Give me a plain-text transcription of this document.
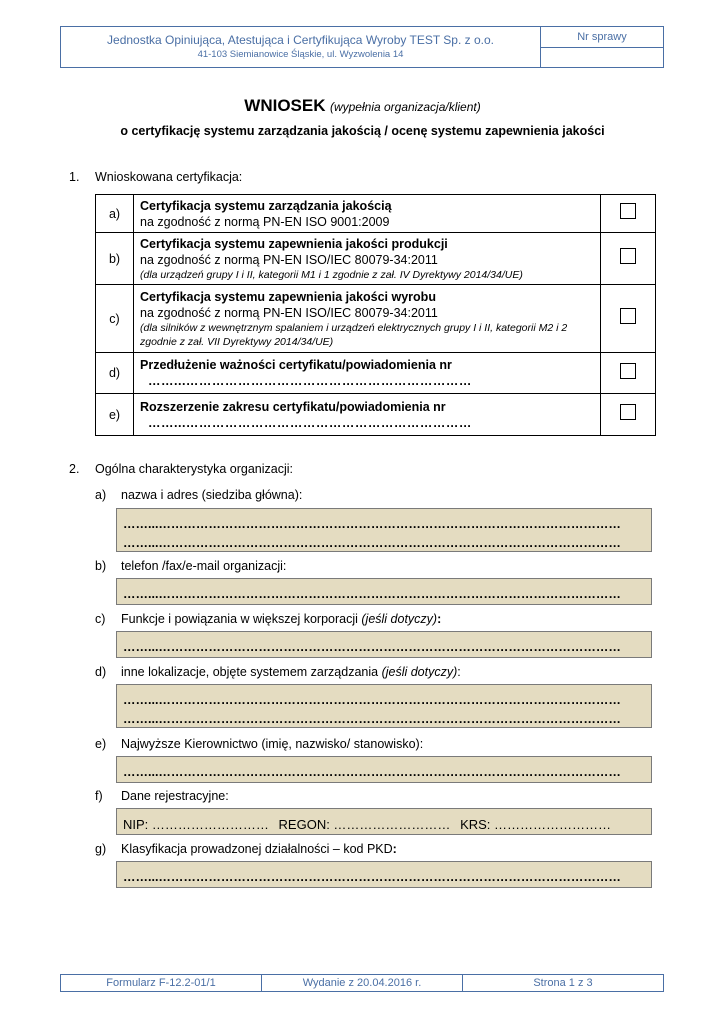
Jednostka Opiniująca, Atestująca i Certyfikująca Wyroby TEST Sp. z o.o.
41-103 Siemianowice Śląskie, ul. Wyzwolenia 14
Nr sprawy
WNIOSEK (wypełnia organizacja/klient)
o certyfikację systemu zarządzania jakością / ocenę systemu zapewnienia jakości
1. Wnioskowana certyfikacja:
a)	Certyfikacja systemu zarządzania jakością
na zgodność z normą PN-EN ISO 9001:2009	

b)	Certyfikacja systemu zapewnienia jakości produkcji
na zgodność z normą PN-EN ISO/IEC 80079-34:2011
(dla urządzeń grupy I i II, kategorii M1 i 1 zgodnie z zał. IV Dyrektywy 2014/34/UE)	

c)	Certyfikacja systemu zapewnienia jakości wyrobu
na zgodność z normą PN-EN ISO/IEC 80079-34:2011
(dla silników z wewnętrznym spalaniem i urządzeń elektrycznych grupy I i II, kategorii M2 i 2 zgodnie z zał. VII Dyrektywy 2014/34/UE)	

d)	Przedłużenie ważności certyfikatu/powiadomienia nr
……...…………………………………………………………	

e)	Rozszerzenie zakresu certyfikatu/powiadomienia nr
……...…………………………………………………………	

2. Ogólna charakterystyka organizacji:
a)	nazwa i adres (siedziba główna):
……...…………………………………………………………………………………………………
……...…………………………………………………………………………………………………
b)	telefon /fax/e-mail organizacji:
……...…………………………………………………………………………………………………
c)	Funkcje i powiązania w większej korporacji (jeśli dotyczy):
……...…………………………………………………………………………………………………
d)	inne lokalizacje, objęte systemem zarządzania (jeśli dotyczy):
……...…………………………………………………………………………………………………
……...…………………………………………………………………………………………………
e)	Najwyższe Kierownictwo (imię, nazwisko/ stanowisko):
……...…………………………………………………………………………………………………
f)	Dane rejestracyjne:
NIP: ……………………… REGON: ……………………… KRS: ………………………
g)	Klasyfikacja prowadzonej działalności – kod PKD:
……...…………………………………………………………………………………………………
Formularz F-12.2-01/1	Wydanie z 20.04.2016 r.	Strona 1 z 3
